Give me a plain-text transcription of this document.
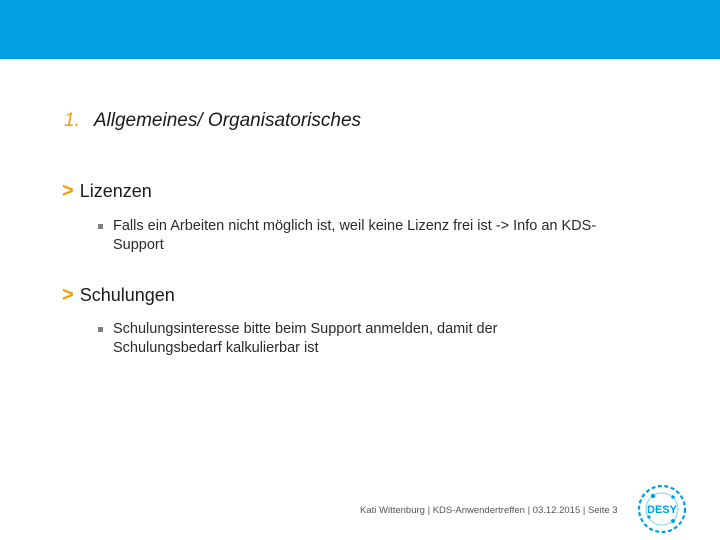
1. Allgemeines/ Organisatorisches
> Lizenzen
Falls ein Arbeiten nicht möglich ist, weil keine Lizenz frei ist -> Info an KDS-
Support
> Schulungen
Schulungsinteresse bitte beim Support anmelden, damit der
Schulungsbedarf kalkulierbar ist
Kati Wittenburg | KDS-Anwendertreffen | 03.12.2015 | Seite 3	DESY
